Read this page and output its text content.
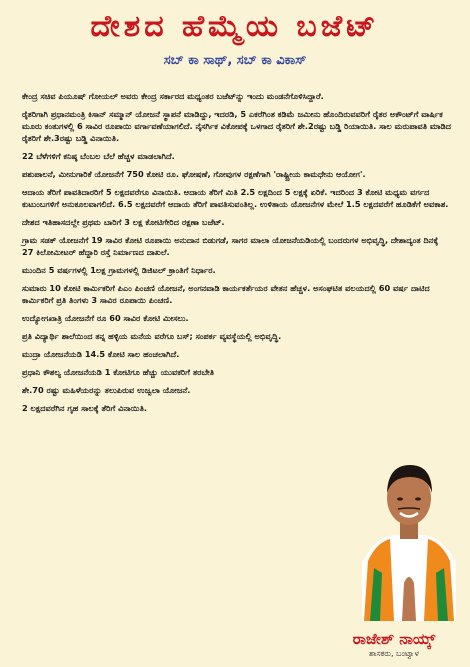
ದೇಶದ ಹೆಮ್ಮೆಯ ಬಜೆಟ್
ಸಬ್ ಕಾ ಸಾಥ್, ಸಬ್ ಕಾ ವಿಕಾಸ್

ಕೇಂದ್ರ ಸಚಿವ ಪಿಯೂಷ್ ಗೋಯಲ್ ಅವರು ಕೇಂದ್ರ ಸರ್ಕಾರದ ಮಧ್ಯಂತರ ಬಜೆಟ್‌ನ್ನು ಇಂದು ಮಂಡನೆಗೊಳಿಸಿದ್ದಾರೆ.

ರೈತರಿಗಾಗಿ ಪ್ರಧಾನಮಂತ್ರಿ ಕಿಸಾನ್ ಸಮ್ಮಾನ್ ಯೋಜನೆ ಸ್ಥಾಪನೆ ಮಾಡಿದ್ದು, ಇದರಡಿ, 5 ಎಕರೆಗಿಂತ ಕಡಿಮೆ ಜಮೀನು ಹೊಂದಿರುವವರಿಗೆ ರೈತರ ಅಕೌಂಟ್‌ಗೆ ವಾರ್ಷಿಕ ಮೂರು ಕಂತುಗಳಲ್ಲಿ 6 ಸಾವಿರ ರೂಪಾಯಿ ವರ್ಗಾವಣೆಯಾಗಲಿದೆ. ನೈಸರ್ಗಿಕ ವಿಕೋಪಕ್ಕೆ ಒಳಗಾದ ರೈತರಿಗೆ ಶೇ.2ರಷ್ಟು ಬಡ್ಡಿ ರಿಯಾಯಿತಿ. ಸಾಲ ಮರುಪಾವತಿ ಮಾಡಿದ ರೈತರಿಗೆ ಶೇ.3ರಷ್ಟು ಬಡ್ಡಿ ವಿನಾಯಿತಿ.

22 ಬೆಳೆಗಳಿಗೆ ಕನಿಷ್ಠ ಬೆಂಬಲ ಬೆಲೆ ಹೆಚ್ಚಳ ಮಾಡಲಾಗಿದೆ.

ಪಶುಪಾಲನೆ, ಮೀನುಗಾರಿಕೆ ಯೋಜನೆಗೆ 750 ಕೋಟಿ ರೂ. ಘೋಷಣೆ, ಗೋವುಗಳ ರಕ್ಷಣೆಗಾಗಿ 'ರಾಷ್ಟ್ರೀಯ ಕಾಮಧೇನು ಆಯೋಗ'.

ಆದಾಯ ತೆರಿಗೆ ಪಾವತಿದಾರರಿಗೆ 5 ಲಕ್ಷದವರೆಗೂ ವಿನಾಯಿತಿ. ಆದಾಯ ತೆರಿಗೆ ಮಿತಿ 2.5 ಲಕ್ಷದಿಂದ 5 ಲಕ್ಷಕ್ಕೆ ಏರಿಕೆ. ಇದರಿಂದ 3 ಕೋಟಿ ಮಧ್ಯಮ ವರ್ಗದ ಕುಟುಂಬಗಳಿಗೆ ಅನುಕೂಲವಾಗಲಿದೆ. 6.5 ಲಕ್ಷದವರೆಗೆ ಆದಾಯ ತೆರಿಗೆ ಪಾವತಿಸುವಂತಿಲ್ಲ. ಉಳಿತಾಯ ಯೋಜನೆಗಳ ಮೇಲೆ 1.5 ಲಕ್ಷದವರೆಗೆ ಹೂಡಿಕೆಗೆ ಅವಕಾಶ.

ದೇಶದ ಇತಿಹಾಸದಲ್ಲೇ ಪ್ರಥಮ ಬಾರಿಗೆ 3 ಲಕ್ಷ ಕೋಟಿಗೇರಿದ ರಕ್ಷಣಾ ಬಜೆಟ್.

ಗ್ರಾಮ ಸಡಕ್ ಯೋಜನೆಗೆ 19 ಸಾವಿರ ಕೋಟಿ ರೂಪಾಯಿ ಅನುದಾನ ಬಿಡುಗಡೆ, ಸಾಗರ ಮಾಲಾ ಯೋಜನೆಯಡಿಯಲ್ಲಿ ಬಂದರುಗಳ ಅಭಿವೃದ್ಧಿ, ದೇಶಾದ್ಯಂತ ದಿನಕ್ಕೆ 27 ಕಿಲೋಮೀಟರ್ ಹೆದ್ದಾರಿ ರಸ್ತೆ ನಿರ್ಮಾಣದ ದಾಖಲೆ.

ಮುಂದಿನ 5 ವರ್ಷಗಳಲ್ಲಿ 1ಲಕ್ಷ ಗ್ರಾಮಗಳಲ್ಲಿ ಡಿಜಿಟಲ್ ಕ್ರಾಂತಿಗೆ ನಿರ್ಧಾರ.

ಸುಮಾರು 10 ಕೋಟಿ ಕಾರ್ಮಿಕರಿಗೆ ಪಿಎಂ ಪಿಂಚಣಿ ಯೋಜನೆ, ಅಂಗನವಾಡಿ ಕಾರ್ಯಕರ್ತೆಯರ ವೇತನ ಹೆಚ್ಚಳ. ಅಸಂಘಟಿತ ವಲಯದಲ್ಲಿ 60 ವರ್ಷ ದಾಟಿದ ಕಾರ್ಮಿಕರಿಗೆ ಪ್ರತಿ ತಿಂಗಳು 3 ಸಾವಿರ ರೂಪಾಯಿ ಪಿಂಚಣಿ.

ಉದ್ಯೋಗಖಾತ್ರಿ ಯೋಜನೆಗೆ ರೂ 60 ಸಾವಿರ ಕೋಟಿ ಮೀಸಲು.

ಪ್ರತಿ ವಿದ್ಯಾರ್ಥಿ ಶಾಲೆಯಿಂದ ತನ್ನ ಹಳ್ಳಿಯ ಮನೆಯ ವರೆಗೂ ಬಸ್; ಸಂಪರ್ಕ ವ್ಯವಸ್ಥೆಯಲ್ಲಿ ಅಭಿವೃದ್ಧಿ.

ಮುದ್ರಾ ಯೋಜನೆಯಡಿ 14.5 ಕೋಟಿ ಸಾಲ ಹಂಚಲಾಗಿದೆ.

ಪ್ರಧಾನಿ ಕೌಶಲ್ಯ ಯೋಜನೆಯಡಿ 1 ಕೋಟಿಗೂ ಹೆಚ್ಚು ಯುವಕರಿಗೆ ತರಬೇತಿ

ಶೇ.70 ರಷ್ಟು ಮಹಿಳೆಯರನ್ನು ತಲುಪಿರುವ ಉಜ್ವಲಾ ಯೋಜನೆ.

2 ಲಕ್ಷದವರೆಗಿನ ಗೃಹ ಸಾಲಕ್ಕೆ ತೆರಿಗೆ ವಿನಾಯಿತಿ.

ರಾಜೇಶ್ ನಾಯ್ಕ್
ಶಾಸಕರು, ಬಂಟ್ವಾಳ
